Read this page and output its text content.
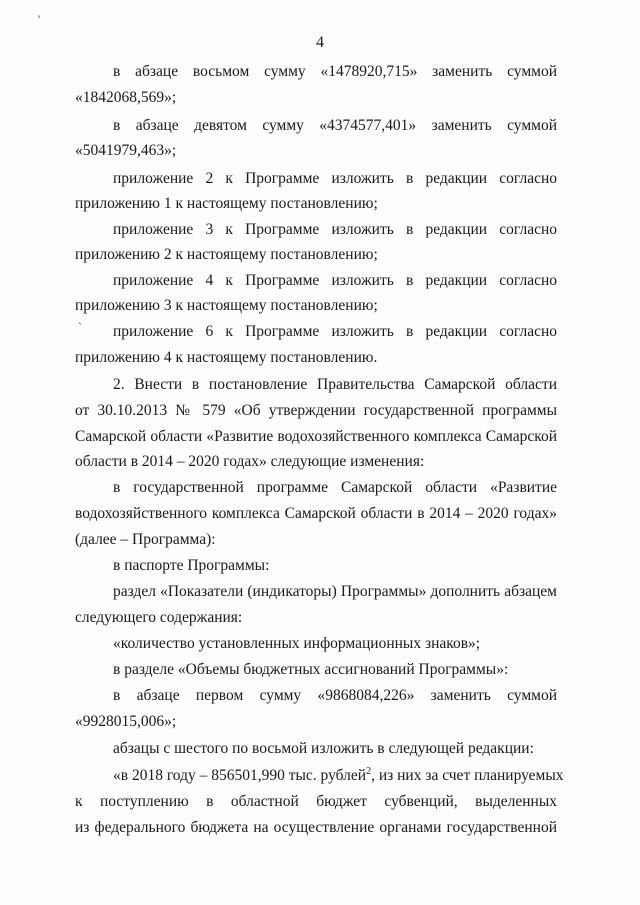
4
'
`
в абзаце восьмом сумму «1478920,715» заменить суммой
«1842068,569»;
в абзаце девятом сумму «4374577,401» заменить суммой
«5041979,463»;
приложение 2 к Программе изложить в редакции согласно
приложению 1 к настоящему постановлению;
приложение 3 к Программе изложить в редакции согласно
приложению 2 к настоящему постановлению;
приложение 4 к Программе изложить в редакции согласно
приложению 3 к настоящему постановлению;
приложение 6 к Программе изложить в редакции согласно
приложению 4 к настоящему постановлению.
2. Внести в постановление Правительства Самарской области
от 30.10.2013 № 579 «Об утверждении государственной программы
Самарской области «Развитие водохозяйственного комплекса Самарской
области в 2014 – 2020 годах» следующие изменения:
в государственной программе Самарской области «Развитие
водохозяйственного комплекса Самарской области в 2014 – 2020 годах»
(далее – Программа):
в паспорте Программы:
раздел «Показатели (индикаторы) Программы» дополнить абзацем
следующего содержания:
«количество установленных информационных знаков»;
в разделе «Объемы бюджетных ассигнований Программы»:
в абзаце первом сумму «9868084,226» заменить суммой
«9928015,006»;
абзацы с шестого по восьмой изложить в следующей редакции:
«в 2018 году – 856501,990 тыс. рублей$^2$, из них за счет планируемых
к поступлению в областной бюджет субвенций, выделенных
из федерального бюджета на осуществление органами государственной
